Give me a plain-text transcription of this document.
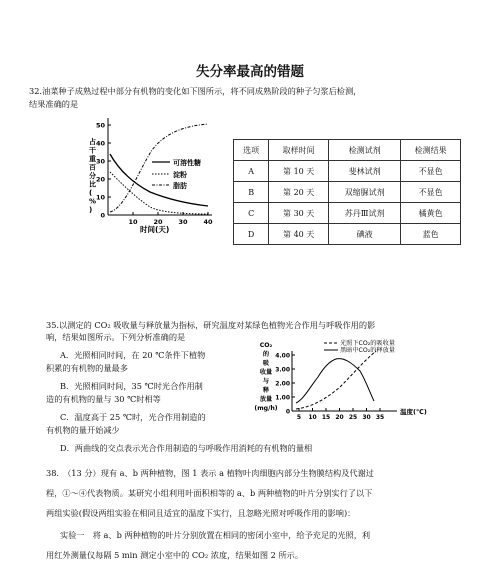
失分率最高的错题
32.油菜种子成熟过程中部分有机物的变化如下图所示，将不同成熟阶段的种子匀浆后检测，
结果准确的是
占干重百分比( % )
0
10
20
30
40
50
10 20 30 40
可溶性糖
淀粉
脂肪
时间(天)
选项	取样时间	检测试剂	检测结果
A	第 10 天	斐林试剂	不显色
B	第 20 天	双缩脲试剂	不显色
C	第 30 天	苏丹Ⅲ试剂	橘黄色
D	第 40 天	碘液	蓝色
35.以测定的 CO₂ 吸收量与释放量为指标，研究温度对某绿色植物光合作用与呼吸作用的影
响，结果如图所示。下列分析准确的是
A．光照相同时间，在 20 ℃条件下植物
积累的有机物的量最多
B．光照相同时间，35 ℃时光合作用制
造的有机物的量与 30 ℃时相等
C．温度高于 25 ℃时，光合作用制造的
有机物的量开始减少
D．两曲线的交点表示光合作用制造的与呼吸作用消耗的有机物的量相
CO₂
的
吸
收量
与
释
放量
(mg/h) 0
1.00
2.00
3.00
4.00
5 10 15 20 25 30 35
光照下CO₂的吸收量
黑暗中CO₂的释放量
温度(℃)
38.　（13 分）现有 a、b 两种植物，图 1 表示 a 植物叶肉细胞内部分生物膜结构及代谢过
程，①～④代表物质。某研究小组利用叶面积相等的 a、b 两种植物的叶片分别实行了以下
两组实验(假设两组实验在相同且适宜的温度下实行，且忽略光照对呼吸作用的影响)：
实验一　将 a、b 两种植物的叶片分别放置在相同的密闭小室中，给予充足的光照，利
用红外测量仪每隔 5 min 测定小室中的 CO₂ 浓度，结果如图 2 所示。
